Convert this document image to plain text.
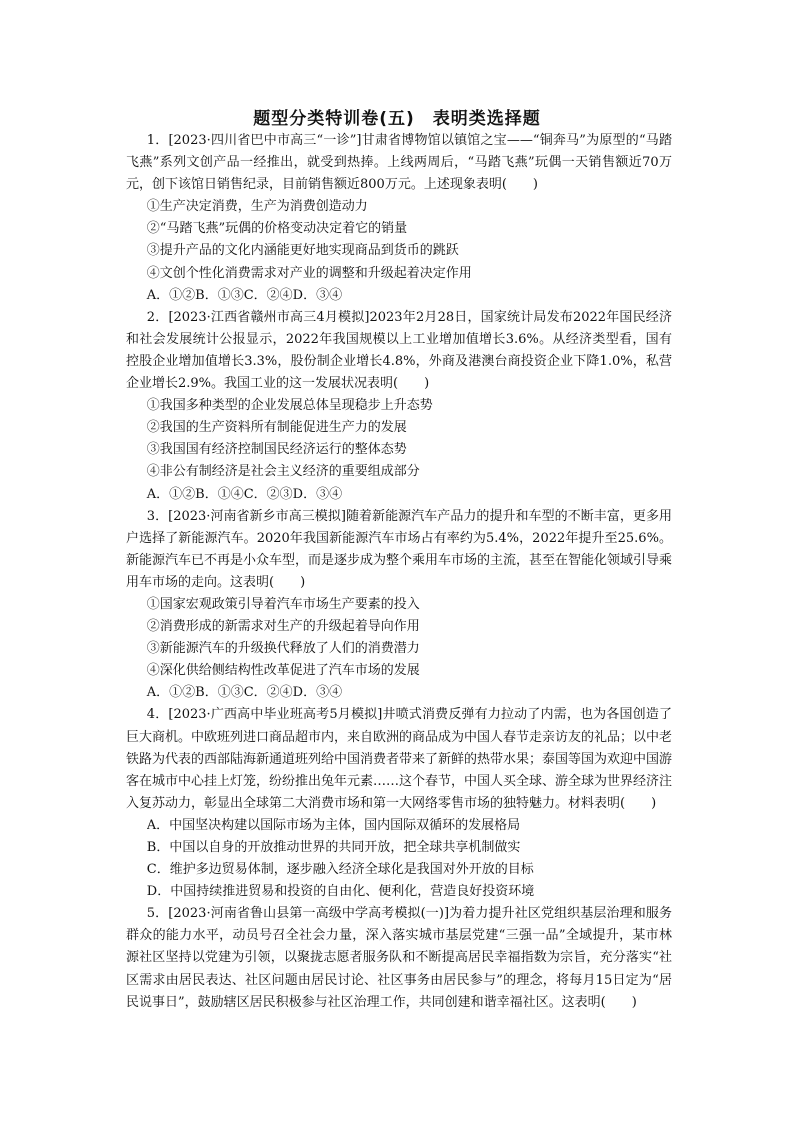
题型分类特训卷(五)　表明类选择题

1．[2023·四川省巴中市高三“一诊”]甘肃省博物馆以镇馆之宝——“铜奔马”为原型的“马踏飞燕”系列文创产品一经推出，就受到热捧。上线两周后，“马踏飞燕”玩偶一天销售额近70万元，创下该馆日销售纪录，目前销售额近800万元。上述现象表明(　　)

①生产决定消费，生产为消费创造动力
②“马踏飞燕”玩偶的价格变动决定着它的销量
③提升产品的文化内涵能更好地实现商品到货币的跳跃
④文创个性化消费需求对产业的调整和升级起着决定作用
A．①②B．①③C．②④D．③④

2．[2023·江西省赣州市高三4月模拟]2023年2月28日，国家统计局发布2022年国民经济和社会发展统计公报显示，2022年我国规模以上工业增加值增长3.6%。从经济类型看，国有控股企业增加值增长3.3%，股份制企业增长4.8%，外商及港澳台商投资企业下降1.0%，私营企业增长2.9%。我国工业的这一发展状况表明(　　)

①我国多种类型的企业发展总体呈现稳步上升态势
②我国的生产资料所有制能促进生产力的发展
③我国国有经济控制国民经济运行的整体态势
④非公有制经济是社会主义经济的重要组成部分
A．①②B．①④C．②③D．③④

3．[2023·河南省新乡市高三模拟]随着新能源汽车产品力的提升和车型的不断丰富，更多用户选择了新能源汽车。2020年我国新能源汽车市场占有率约为5.4%，2022年提升至25.6%。新能源汽车已不再是小众车型，而是逐步成为整个乘用车市场的主流，甚至在智能化领域引导乘用车市场的走向。这表明(　　)

①国家宏观政策引导着汽车市场生产要素的投入
②消费形成的新需求对生产的升级起着导向作用
③新能源汽车的升级换代释放了人们的消费潜力
④深化供给侧结构性改革促进了汽车市场的发展
A．①②B．①③C．②④D．③④

4．[2023·广西高中毕业班高考5月模拟]井喷式消费反弹有力拉动了内需，也为各国创造了巨大商机。中欧班列进口商品超市内，来自欧洲的商品成为中国人春节走亲访友的礼品；以中老铁路为代表的西部陆海新通道班列给中国消费者带来了新鲜的热带水果；泰国等国为欢迎中国游客在城市中心挂上灯笼，纷纷推出兔年元素……这个春节，中国人买全球、游全球为世界经济注入复苏动力，彰显出全球第二大消费市场和第一大网络零售市场的独特魅力。材料表明(　　)

A．中国坚决构建以国际市场为主体，国内国际双循环的发展格局
B．中国以自身的开放推动世界的共同开放，把全球共享机制做实
C．维护多边贸易体制，逐步融入经济全球化是我国对外开放的目标
D．中国持续推进贸易和投资的自由化、便利化，营造良好投资环境

5．[2023·河南省鲁山县第一高级中学高考模拟(一)]为着力提升社区党组织基层治理和服务群众的能力水平，动员号召全社会力量，深入落实城市基层党建“三强一品”全域提升，某市林源社区坚持以党建为引领，以聚拢志愿者服务队和不断提高居民幸福指数为宗旨，充分落实“社区需求由居民表达、社区问题由居民讨论、社区事务由居民参与”的理念，将每月15日定为“居民说事日”，鼓励辖区居民积极参与社区治理工作，共同创建和谐幸福社区。这表明(　　)
